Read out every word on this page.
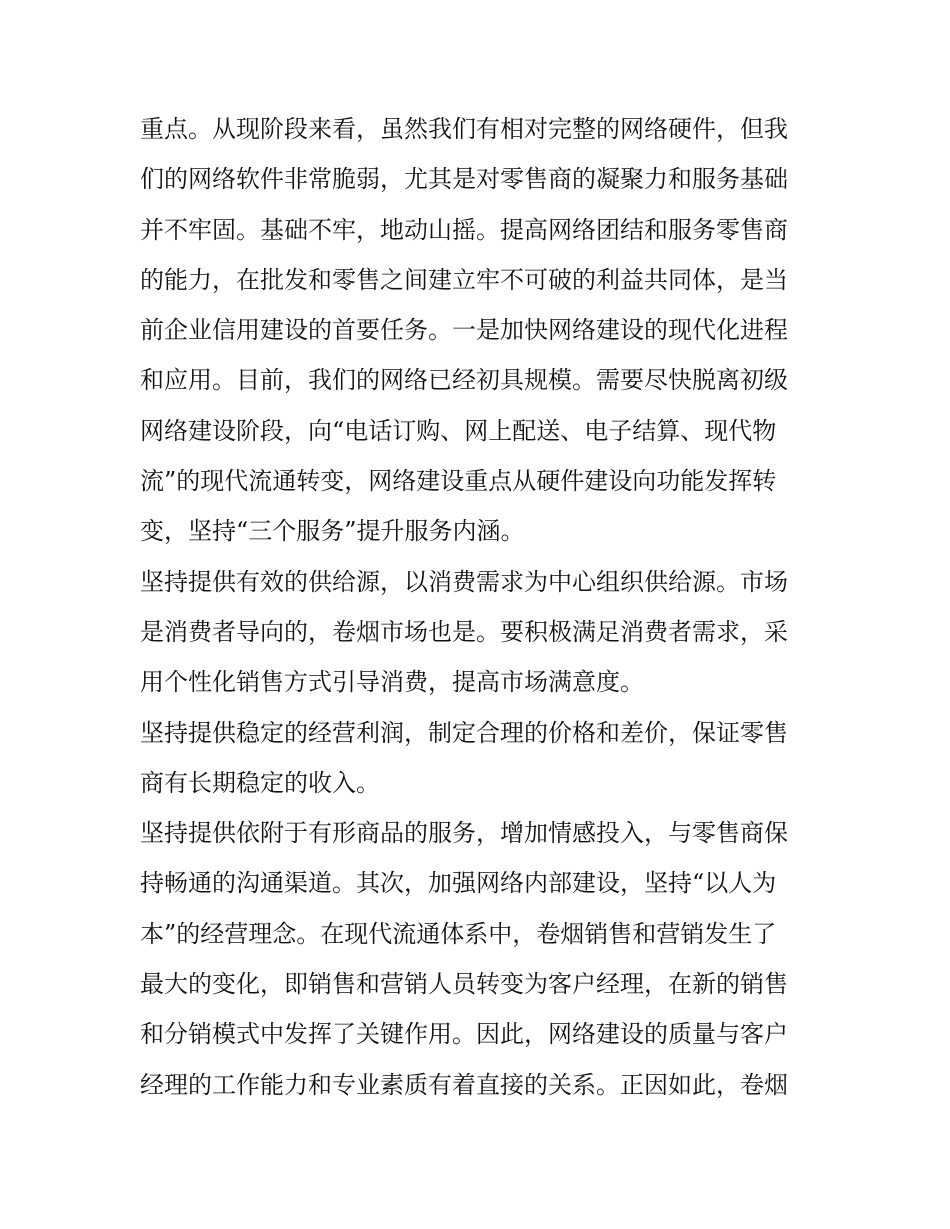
重点。从现阶段来看，虽然我们有相对完整的网络硬件，但我
们的网络软件非常脆弱，尤其是对零售商的凝聚力和服务基础
并不牢固。基础不牢，地动山摇。提高网络团结和服务零售商
的能力，在批发和零售之间建立牢不可破的利益共同体，是当
前企业信用建设的首要任务。一是加快网络建设的现代化进程
和应用。目前，我们的网络已经初具规模。需要尽快脱离初级
网络建设阶段，向“电话订购、网上配送、电子结算、现代物
流”的现代流通转变，网络建设重点从硬件建设向功能发挥转
变，坚持“三个服务”提升服务内涵。
坚持提供有效的供给源，以消费需求为中心组织供给源。市场
是消费者导向的，卷烟市场也是。要积极满足消费者需求，采
用个性化销售方式引导消费，提高市场满意度。
坚持提供稳定的经营利润，制定合理的价格和差价，保证零售
商有长期稳定的收入。
坚持提供依附于有形商品的服务，增加情感投入，与零售商保
持畅通的沟通渠道。其次，加强网络内部建设，坚持“以人为
本”的经营理念。在现代流通体系中，卷烟销售和营销发生了
最大的变化，即销售和营销人员转变为客户经理，在新的销售
和分销模式中发挥了关键作用。因此，网络建设的质量与客户
经理的工作能力和专业素质有着直接的关系。正因如此，卷烟
